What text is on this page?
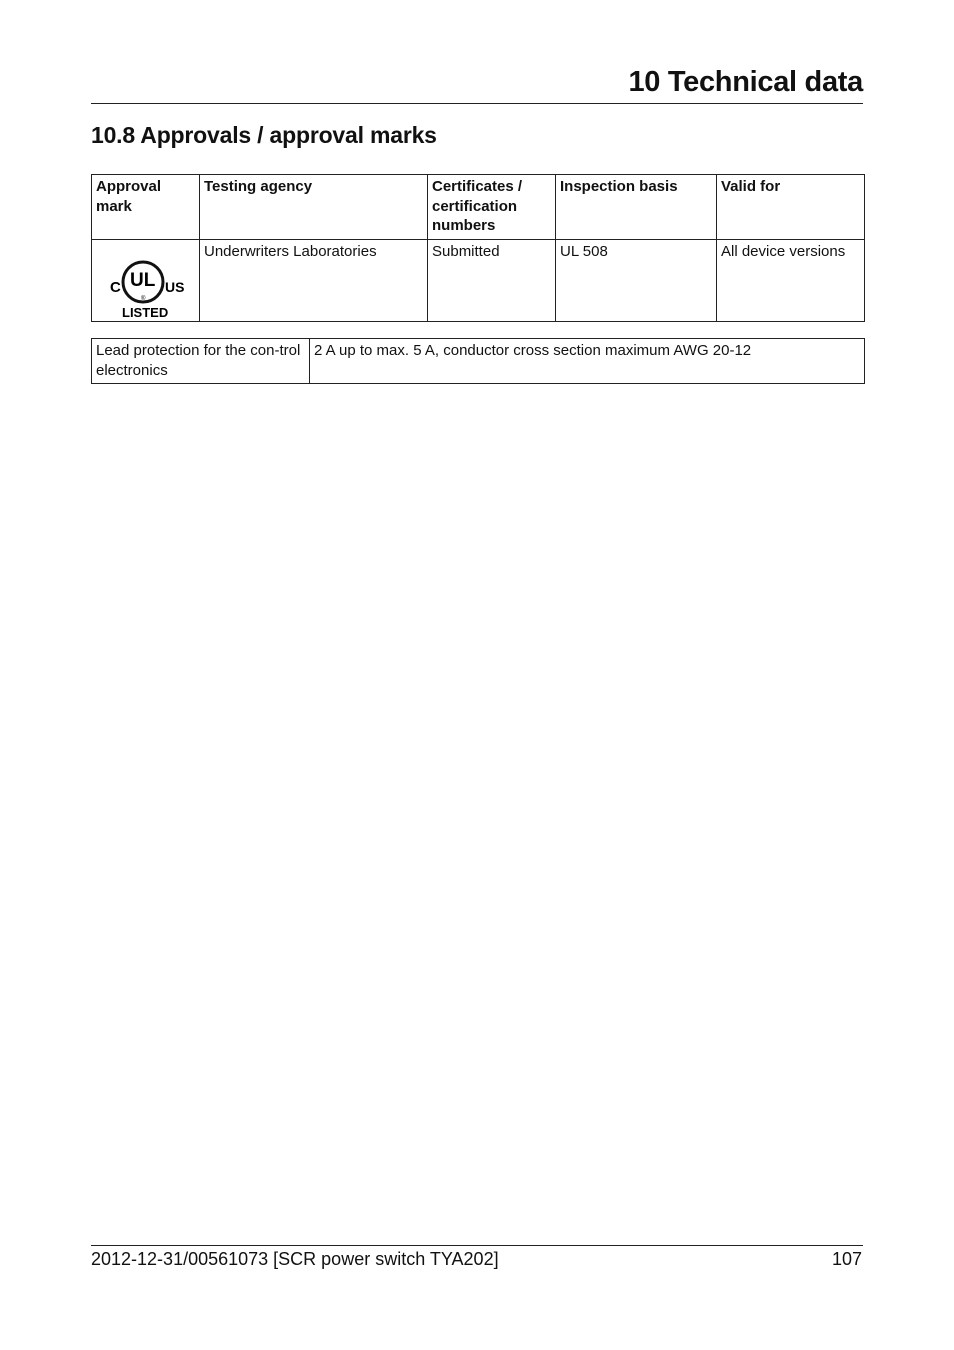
10 Technical data
10.8 Approvals / approval marks
Approval mark	Testing agency	Certificates / certification numbers	Inspection basis	Valid for

C UL
®
US
LISTED	Underwriters Laboratories	Submitted	UL 508	All device versions
Lead protection for the con-trol electronics	2 A up to max. 5 A, conductor cross section maximum AWG 20-12
2012-12-31/00561073 [SCR power switch TYA202]	107
